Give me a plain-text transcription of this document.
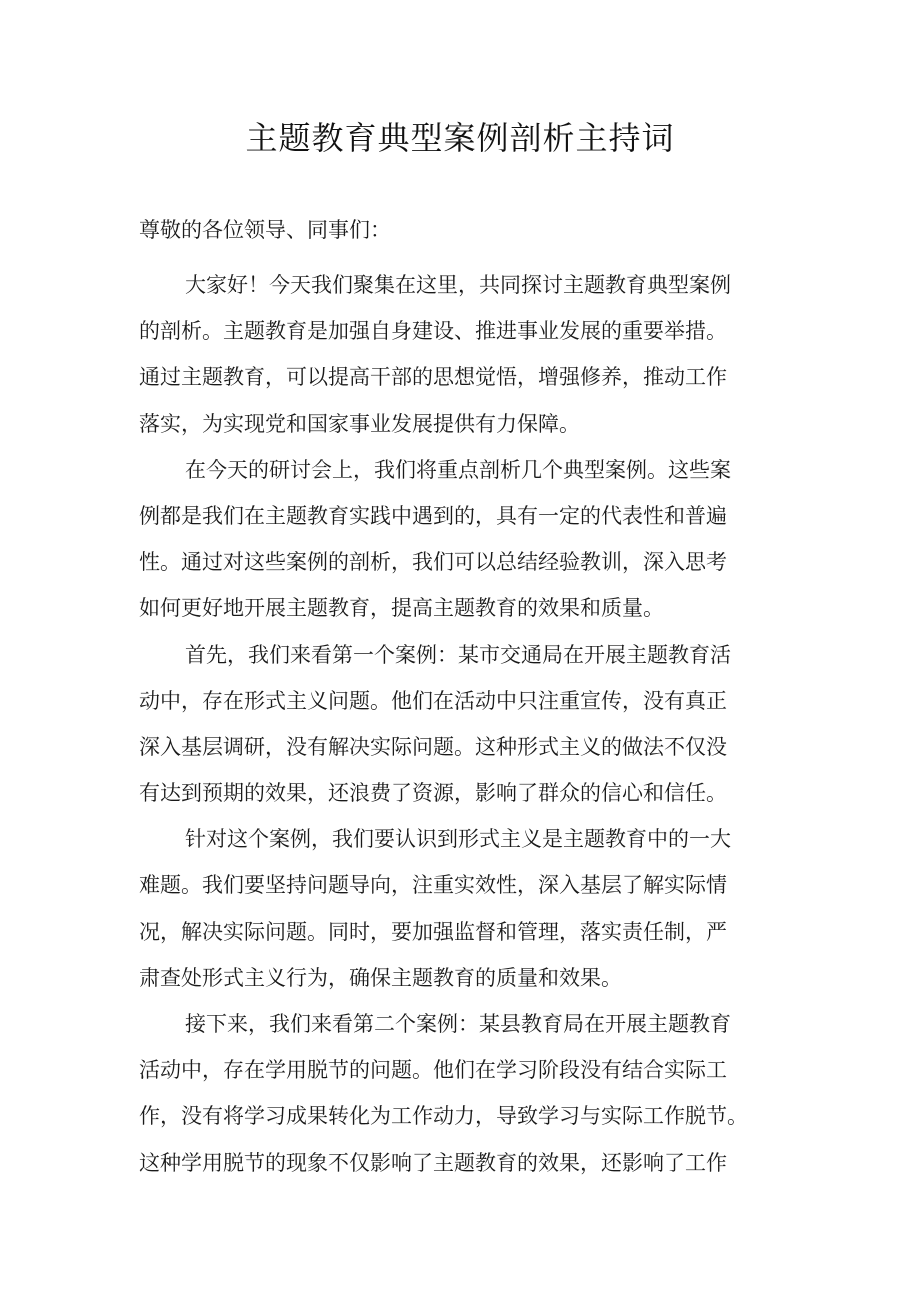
主题教育典型案例剖析主持词

尊敬的各位领导、同事们：

大家好！今天我们聚集在这里，共同探讨主题教育典型案例
的剖析。主题教育是加强自身建设、推进事业发展的重要举措。
通过主题教育，可以提高干部的思想觉悟，增强修养，推动工作
落实，为实现党和国家事业发展提供有力保障。

在今天的研讨会上，我们将重点剖析几个典型案例。这些案
例都是我们在主题教育实践中遇到的，具有一定的代表性和普遍
性。通过对这些案例的剖析，我们可以总结经验教训，深入思考
如何更好地开展主题教育，提高主题教育的效果和质量。

首先，我们来看第一个案例：某市交通局在开展主题教育活
动中，存在形式主义问题。他们在活动中只注重宣传，没有真正
深入基层调研，没有解决实际问题。这种形式主义的做法不仅没
有达到预期的效果，还浪费了资源，影响了群众的信心和信任。

针对这个案例，我们要认识到形式主义是主题教育中的一大
难题。我们要坚持问题导向，注重实效性，深入基层了解实际情
况，解决实际问题。同时，要加强监督和管理，落实责任制，严
肃查处形式主义行为，确保主题教育的质量和效果。

接下来，我们来看第二个案例：某县教育局在开展主题教育
活动中，存在学用脱节的问题。他们在学习阶段没有结合实际工
作，没有将学习成果转化为工作动力，导致学习与实际工作脱节。
这种学用脱节的现象不仅影响了主题教育的效果，还影响了工作
